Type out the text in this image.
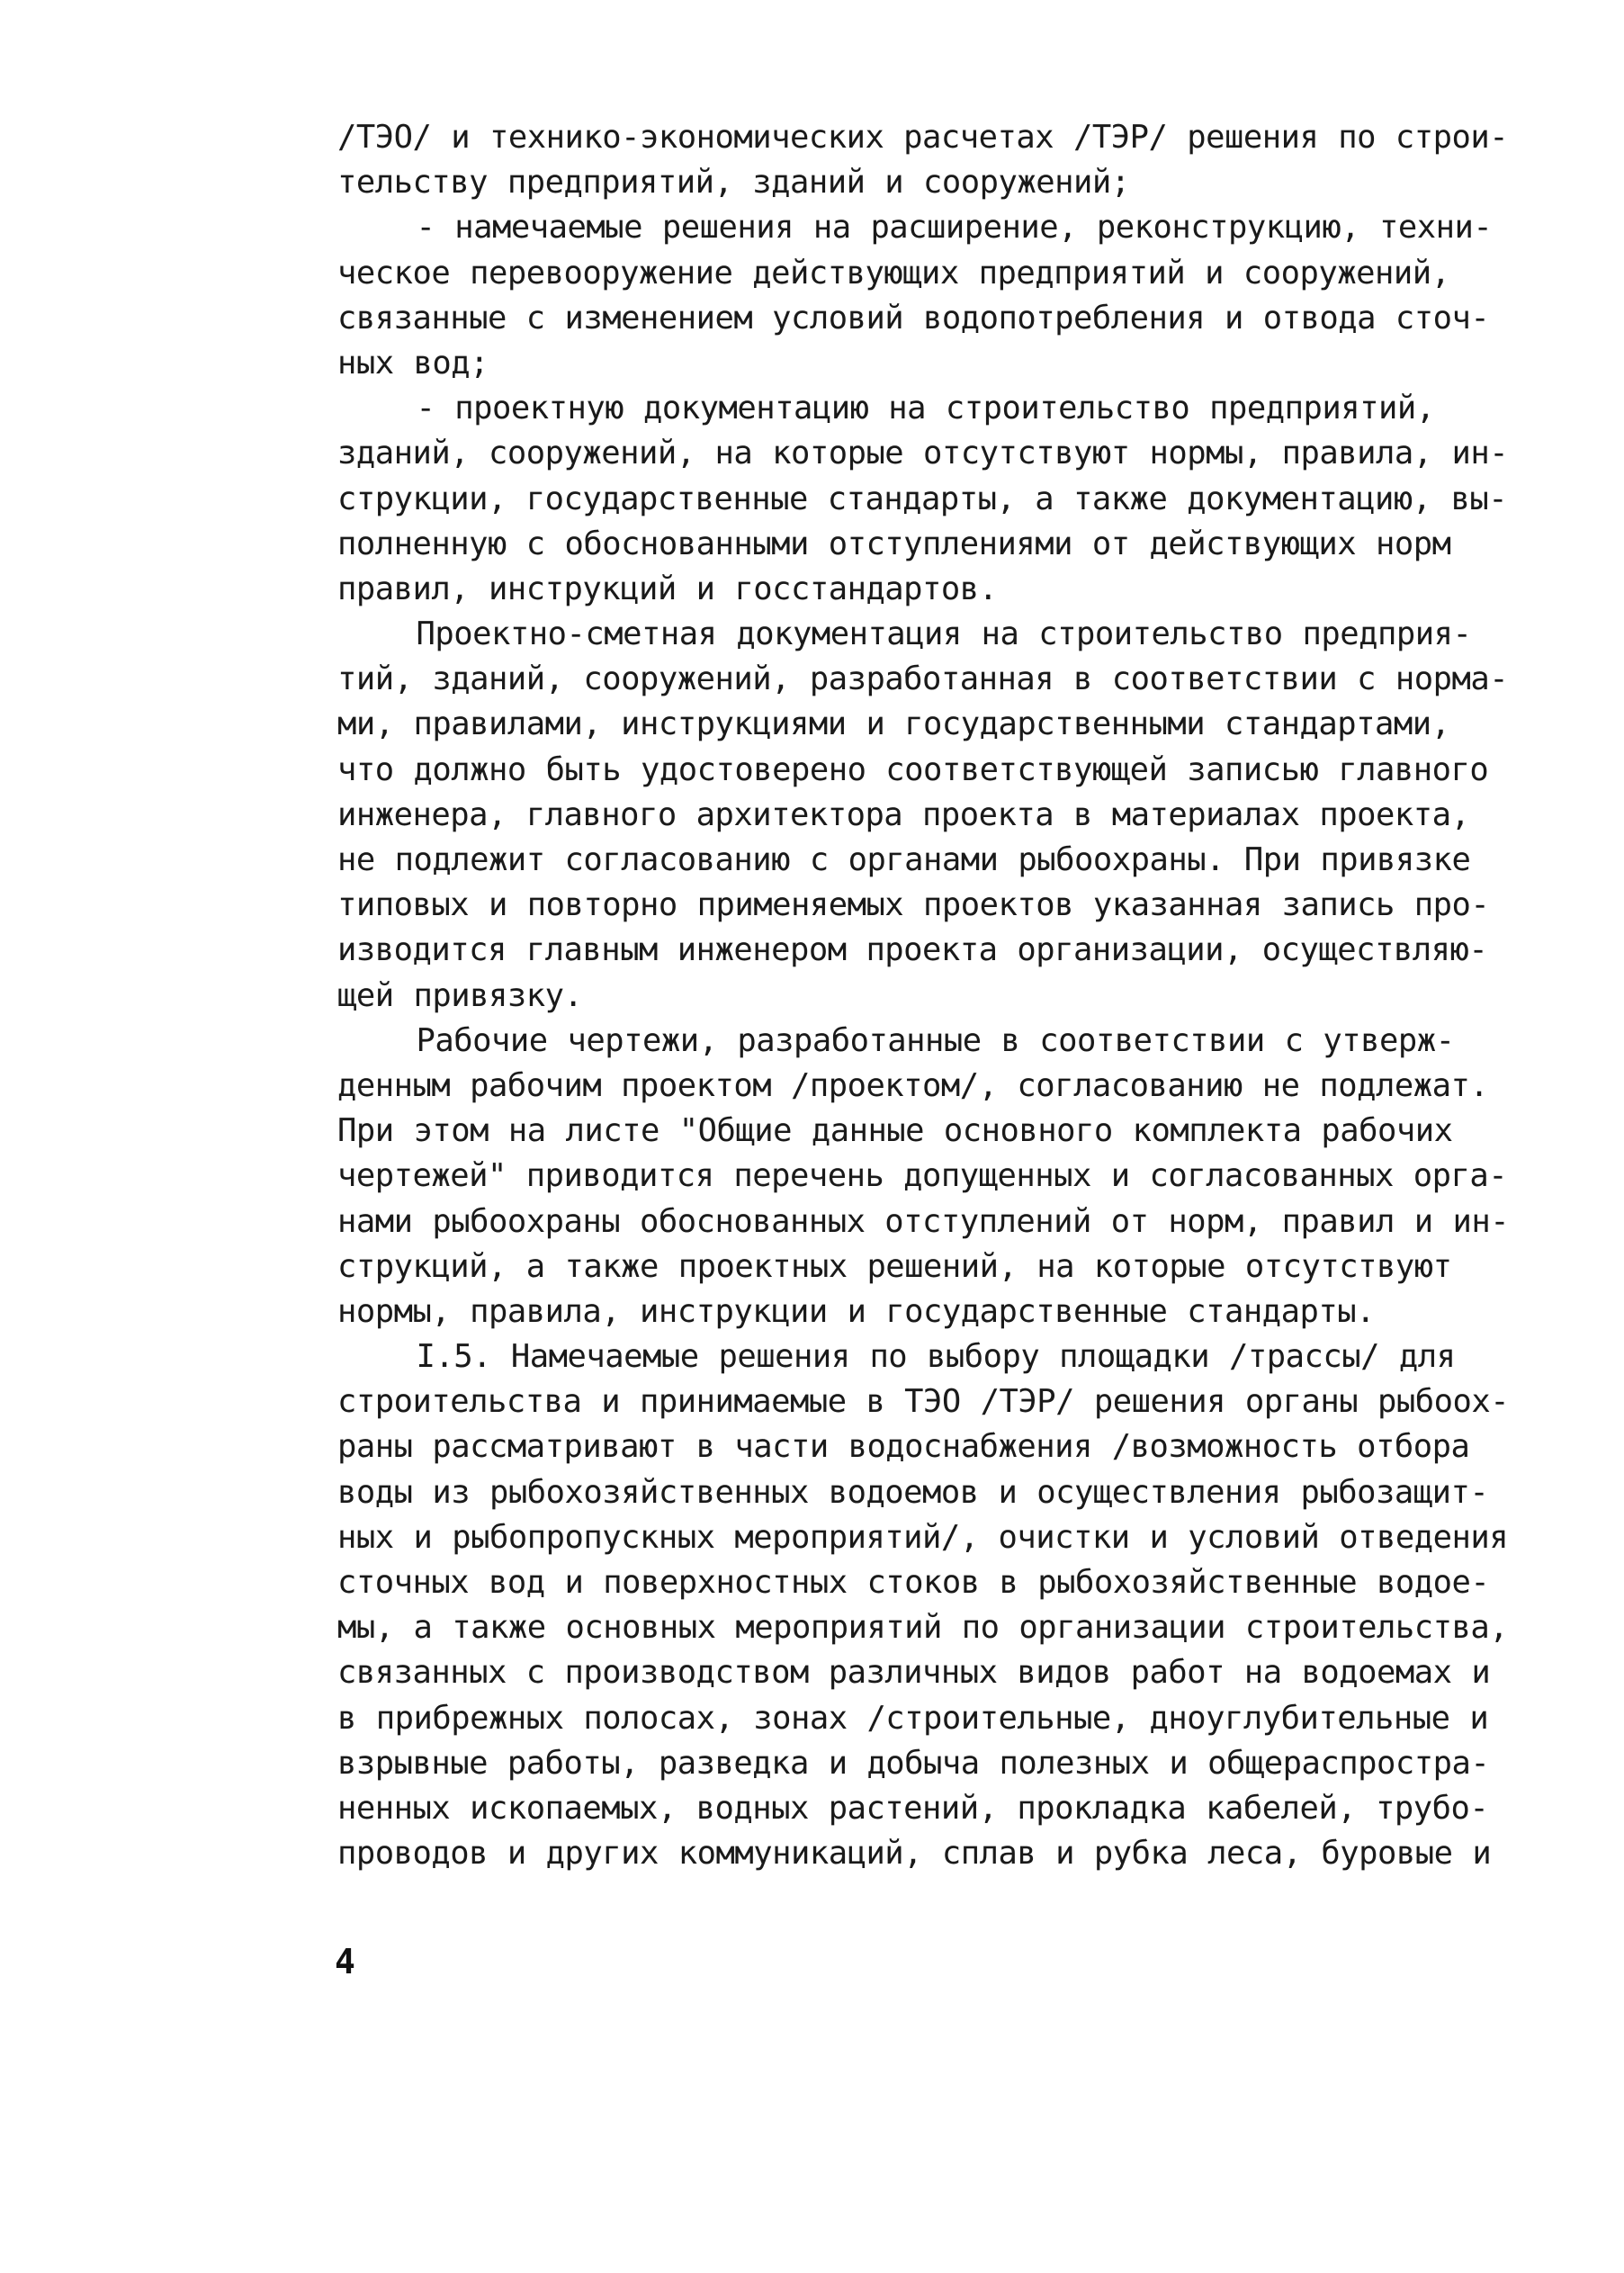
/ТЭО/ и технико-экономических расчетах /ТЭР/ решения по строи-
тельству предприятий, зданий и сооружений;
- намечаемые решения на расширение, реконструкцию, техни-
ческое перевооружение действующих предприятий и сооружений,
связанные с изменением условий водопотребления и отвода сточ-
ных вод;
- проектную документацию на строительство предприятий,
зданий, сооружений, на которые отсутствуют нормы, правила, ин-
струкции, государственные стандарты, а также документацию, вы-
полненную с обоснованными отступлениями от действующих норм
правил, инструкций и госстандартов.
Проектно-сметная документация на строительство предприя-
тий, зданий, сооружений, разработанная в соответствии с норма-
ми, правилами, инструкциями и государственными стандартами,
что должно быть удостоверено соответствующей записью главного
инженера, главного архитектора проекта в материалах проекта,
не подлежит согласованию с органами рыбоохраны. При привязке
типовых и повторно применяемых проектов указанная запись про-
изводится главным инженером проекта организации, осуществляю-
щей привязку.
Рабочие чертежи, разработанные в соответствии с утверж-
денным рабочим проектом /проектом/, согласованию не подлежат.
При этом на листе "Общие данные основного комплекта рабочих
чертежей" приводится перечень допущенных и согласованных орга-
нами рыбоохраны обоснованных отступлений от норм, правил и ин-
струкций, а также проектных решений, на которые отсутствуют
нормы, правила, инструкции и государственные стандарты.
I.5. Намечаемые решения по выбору площадки /трассы/ для
строительства и принимаемые в ТЭО /ТЭР/ решения органы рыбоох-
раны рассматривают в части водоснабжения /возможность отбора
воды из рыбохозяйственных водоемов и осуществления рыбозащит-
ных и рыбопропускных мероприятий/, очистки и условий отведения
сточных вод и поверхностных стоков в рыбохозяйственные водое-
мы, а также основных мероприятий по организации строительства,
связанных с производством различных видов работ на водоемах и
в прибрежных полосах, зонах /строительные, дноуглубительные и
взрывные работы, разведка и добыча полезных и общераспростра-
ненных ископаемых, водных растений, прокладка кабелей, трубо-
проводов и других коммуникаций, сплав и рубка леса, буровые и
4
